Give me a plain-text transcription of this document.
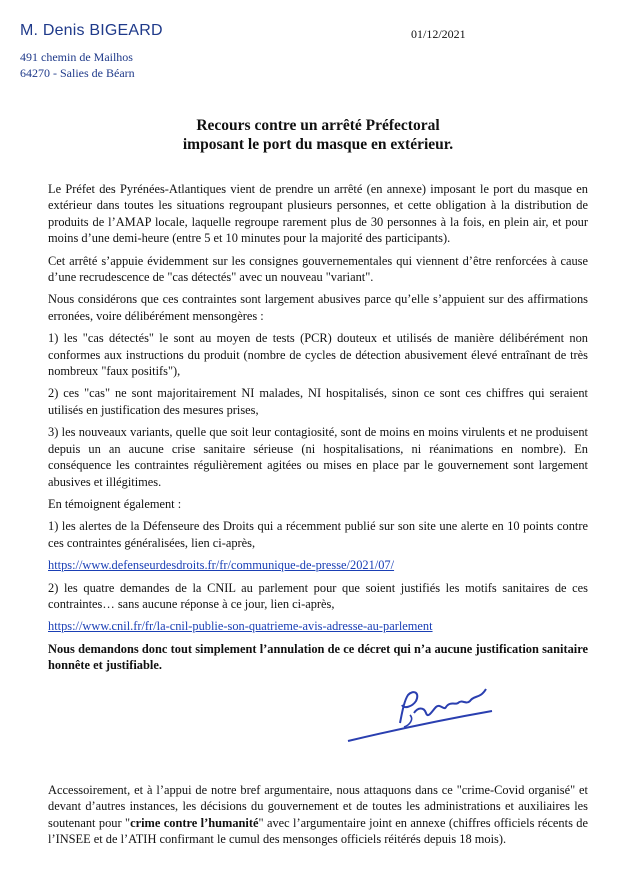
M. Denis BIGEARD	01/12/2021
491 chemin de Mailhos
64270 - Salies de Béarn
Recours contre un arrêté Préfectoral
imposant le port du masque en extérieur.

Le Préfet des Pyrénées-Atlantiques vient de prendre un arrêté (en annexe) imposant le port du masque en extérieur dans toutes les situations regroupant plusieurs personnes, et cette obligation à la distribution de produits de l’AMAP locale, laquelle regroupe rarement plus de 30 personnes à la fois, en plein air, et pour moins d’une demi-heure (entre 5 et 10 minutes pour la majorité des participants).

Cet arrêté s’appuie évidemment sur les consignes gouvernementales qui viennent d’être renforcées à cause d’une recrudescence de "cas détectés" avec un nouveau "variant".

Nous considérons que ces contraintes sont largement abusives parce qu’elle s’appuient sur des affirmations erronées, voire délibérément mensongères :

1) les "cas détectés" le sont au moyen de tests (PCR) douteux et utilisés de manière délibérément non conformes aux instructions du produit (nombre de cycles de détection abusivement élevé entraînant de très nombreux "faux positifs"),

2) ces "cas" ne sont majoritairement NI malades, NI hospitalisés, sinon ce sont ces chiffres qui seraient utilisés en justification des mesures prises,

3) les nouveaux variants, quelle que soit leur contagiosité, sont de moins en moins virulents et ne produisent depuis un an aucune crise sanitaire sérieuse (ni hospitalisations, ni réanimations en nombre). En conséquence les contraintes régulièrement agitées ou mises en place par le gouvernement sont largement abusives et illégitimes.

En témoignent également :

1) les alertes de la Défenseure des Droits qui a récemment publié sur son site une alerte en 10 points contre ces contraintes généralisées, lien ci-après,

https://www.defenseurdesdroits.fr/fr/communique-de-presse/2021/07/

2) les quatre demandes de la CNIL au parlement pour que soient justifiés les motifs sanitaires de ces contraintes… sans aucune réponse à ce jour, lien ci-après,

https://www.cnil.fr/fr/la-cnil-publie-son-quatrieme-avis-adresse-au-parlement

Nous demandons donc tout simplement l’annulation de ce décret qui n’a aucune justification sanitaire honnête et justifiable.

Accessoirement, et à l’appui de notre bref argumentaire, nous attaquons dans ce "crime-Covid organisé" et devant d’autres instances, les décisions du gouvernement et de toutes les administrations et auxiliaires les soutenant pour "crime contre l’humanité" avec l’argumentaire joint en annexe (chiffres officiels récents de l’INSEE et de l’ATIH confirmant le cumul des mensonges officiels réitérés depuis 18 mois).
